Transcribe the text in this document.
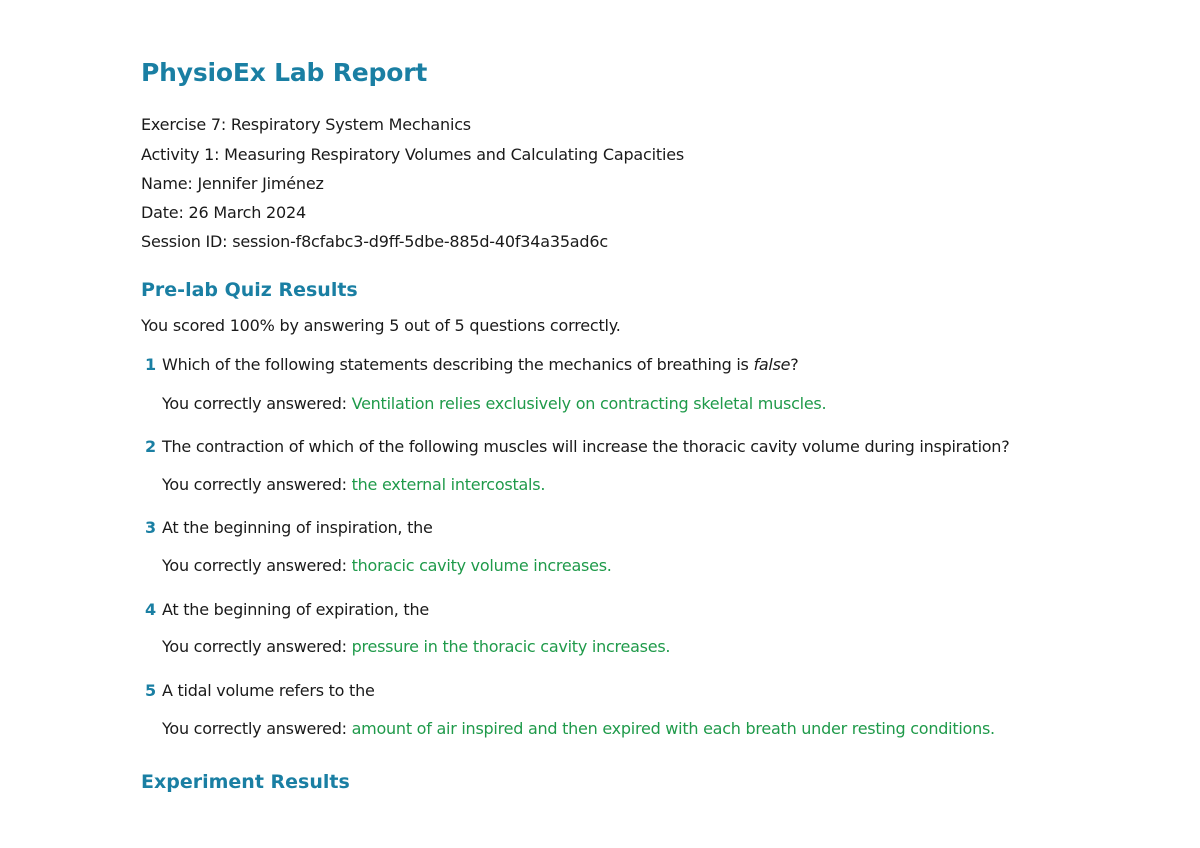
PhysioEx Lab Report
Exercise 7: Respiratory System Mechanics
Activity 1: Measuring Respiratory Volumes and Calculating Capacities
Name: Jennifer Jiménez
Date: 26 March 2024
Session ID: session-f8cfabc3-d9ff-5dbe-885d-40f34a35ad6c
Pre-lab Quiz Results
You scored 100% by answering 5 out of 5 questions correctly.
1 Which of the following statements describing the mechanics of breathing is false?
You correctly answered: Ventilation relies exclusively on contracting skeletal muscles.
2 The contraction of which of the following muscles will increase the thoracic cavity volume during inspiration?
You correctly answered: the external intercostals.
3 At the beginning of inspiration, the
You correctly answered: thoracic cavity volume increases.
4 At the beginning of expiration, the
You correctly answered: pressure in the thoracic cavity increases.
5 A tidal volume refers to the
You correctly answered: amount of air inspired and then expired with each breath under resting conditions.
Experiment Results
